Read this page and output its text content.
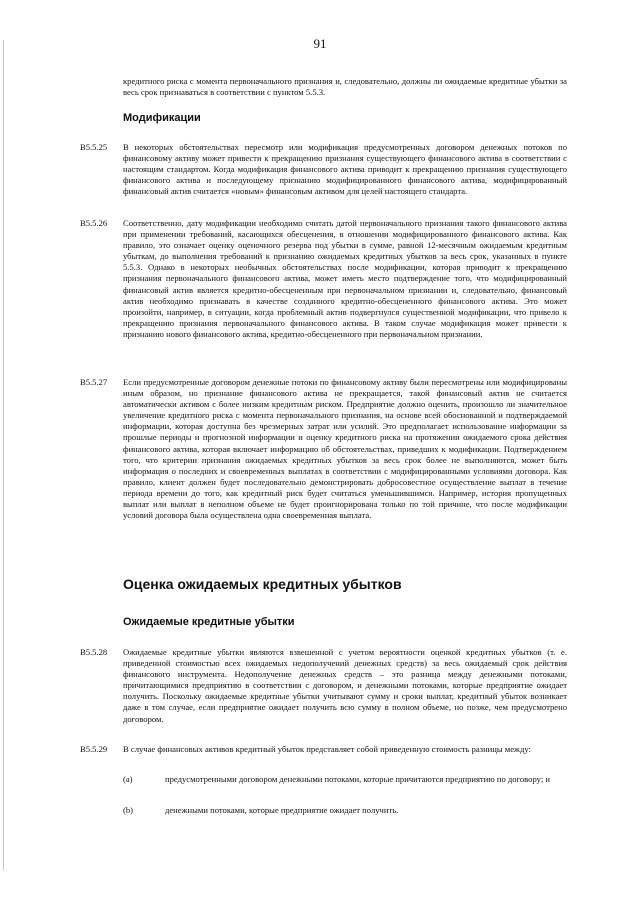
91
кредитного риска с момента первоначального признания и, следовательно, должны ли ожидаемые кредитные убытки за весь срок признаваться в соответствии с пунктом 5.5.3.
Модификации
B5.5.25 В некоторых обстоятельствах пересмотр или модификация предусмотренных договором денежных потоков по финансовому активу может привести к прекращению признания существующего финансового актива в соответствии с настоящим стандартом. Когда модификация финансового актива приводит к прекращению признания существующего финансового актива и последующему признанию модифицированного финансового актива, модифицированный финансовый актив считается «новым» финансовым активом для целей настоящего стандарта.
B5.5.26 Соответственно, дату модификации необходимо считать датой первоначального признания такого финансового актива при применении требований, касающихся обесценения, в отношении модифицированного финансового актива. Как правило, это означает оценку оценочного резерва под убытки в сумме, равной 12-месячным ожидаемым кредитным убыткам, до выполнения требований к признанию ожидаемых кредитных убытков за весь срок, указанных в пункте 5.5.3. Однако в некоторых необычных обстоятельствах после модификации, которая приводит к прекращению признания первоначального финансового актива, может иметь место подтверждение того, что модифицированный финансовый актив является кредитно-обесцененным при первоначальном признании и, следовательно, финансовый актив необходимо признавать в качестве созданного кредитно-обесцененного финансового актива. Это может произойти, например, в ситуации, когда проблемный актив подвергнулся существенной модификации, что привело к прекращению признания первоначального финансового актива. В таком случае модификация может привести к признанию нового финансового актива, кредитно-обесцененного при первоначальном признании.
B5.5.27 Если предусмотренные договором денежные потоки по финансовому активу были пересмотрены или модифицированы иным образом, но признание финансового актива не прекращается, такой финансовый актив не считается автоматически активом с более низким кредитным риском. Предприятие должно оценить, произошло ли значительное увеличение кредитного риска с момента первоначального признания, на основе всей обоснованной и подтверждаемой информации, которая доступна без чрезмерных затрат или усилий. Это предполагает использование информации за прошлые периоды и прогнозной информации и оценку кредитного риска на протяжении ожидаемого срока действия финансового актива, которая включает информацию об обстоятельствах, приведших к модификации. Подтверждением того, что критерии признания ожидаемых кредитных убытков за весь срок более не выполняются, может быть информация о последних и своевременных выплатах в соответствии с модифицированными условиями договора. Как правило, клиент должен будет последовательно демонстрировать добросовестное осуществление выплат в течение периода времени до того, как кредитный риск будет считаться уменьшившимся. Например, история пропущенных выплат или выплат в неполном объеме не будет проигнорирована только по той причине, что после модификации условий договора была осуществлена одна своевременная выплата.
Оценка ожидаемых кредитных убытков
Ожидаемые кредитные убытки
B5.5.28 Ожидаемые кредитные убытки являются взвешенной с учетом вероятности оценкой кредитных убытков (т. е. приведенной стоимостью всех ожидаемых недополучений денежных средств) за весь ожидаемый срок действия финансового инструмента. Недополучение денежных средств – это разница между денежными потоками, причитающимися предприятию в соответствии с договором, и денежными потоками, которые предприятие ожидает получить. Поскольку ожидаемые кредитные убытки учитывают сумму и сроки выплат, кредитный убыток возникает даже в том случае, если предприятие ожидает получить всю сумму в полном объеме, но позже, чем предусмотрено договором.
B5.5.29 В случае финансовых активов кредитный убыток представляет собой приведенную стоимость разницы между:
(a)	предусмотренными договором денежными потоками, которые причитаются предприятию по договору; и
(b)	денежными потоками, которые предприятие ожидает получить.
